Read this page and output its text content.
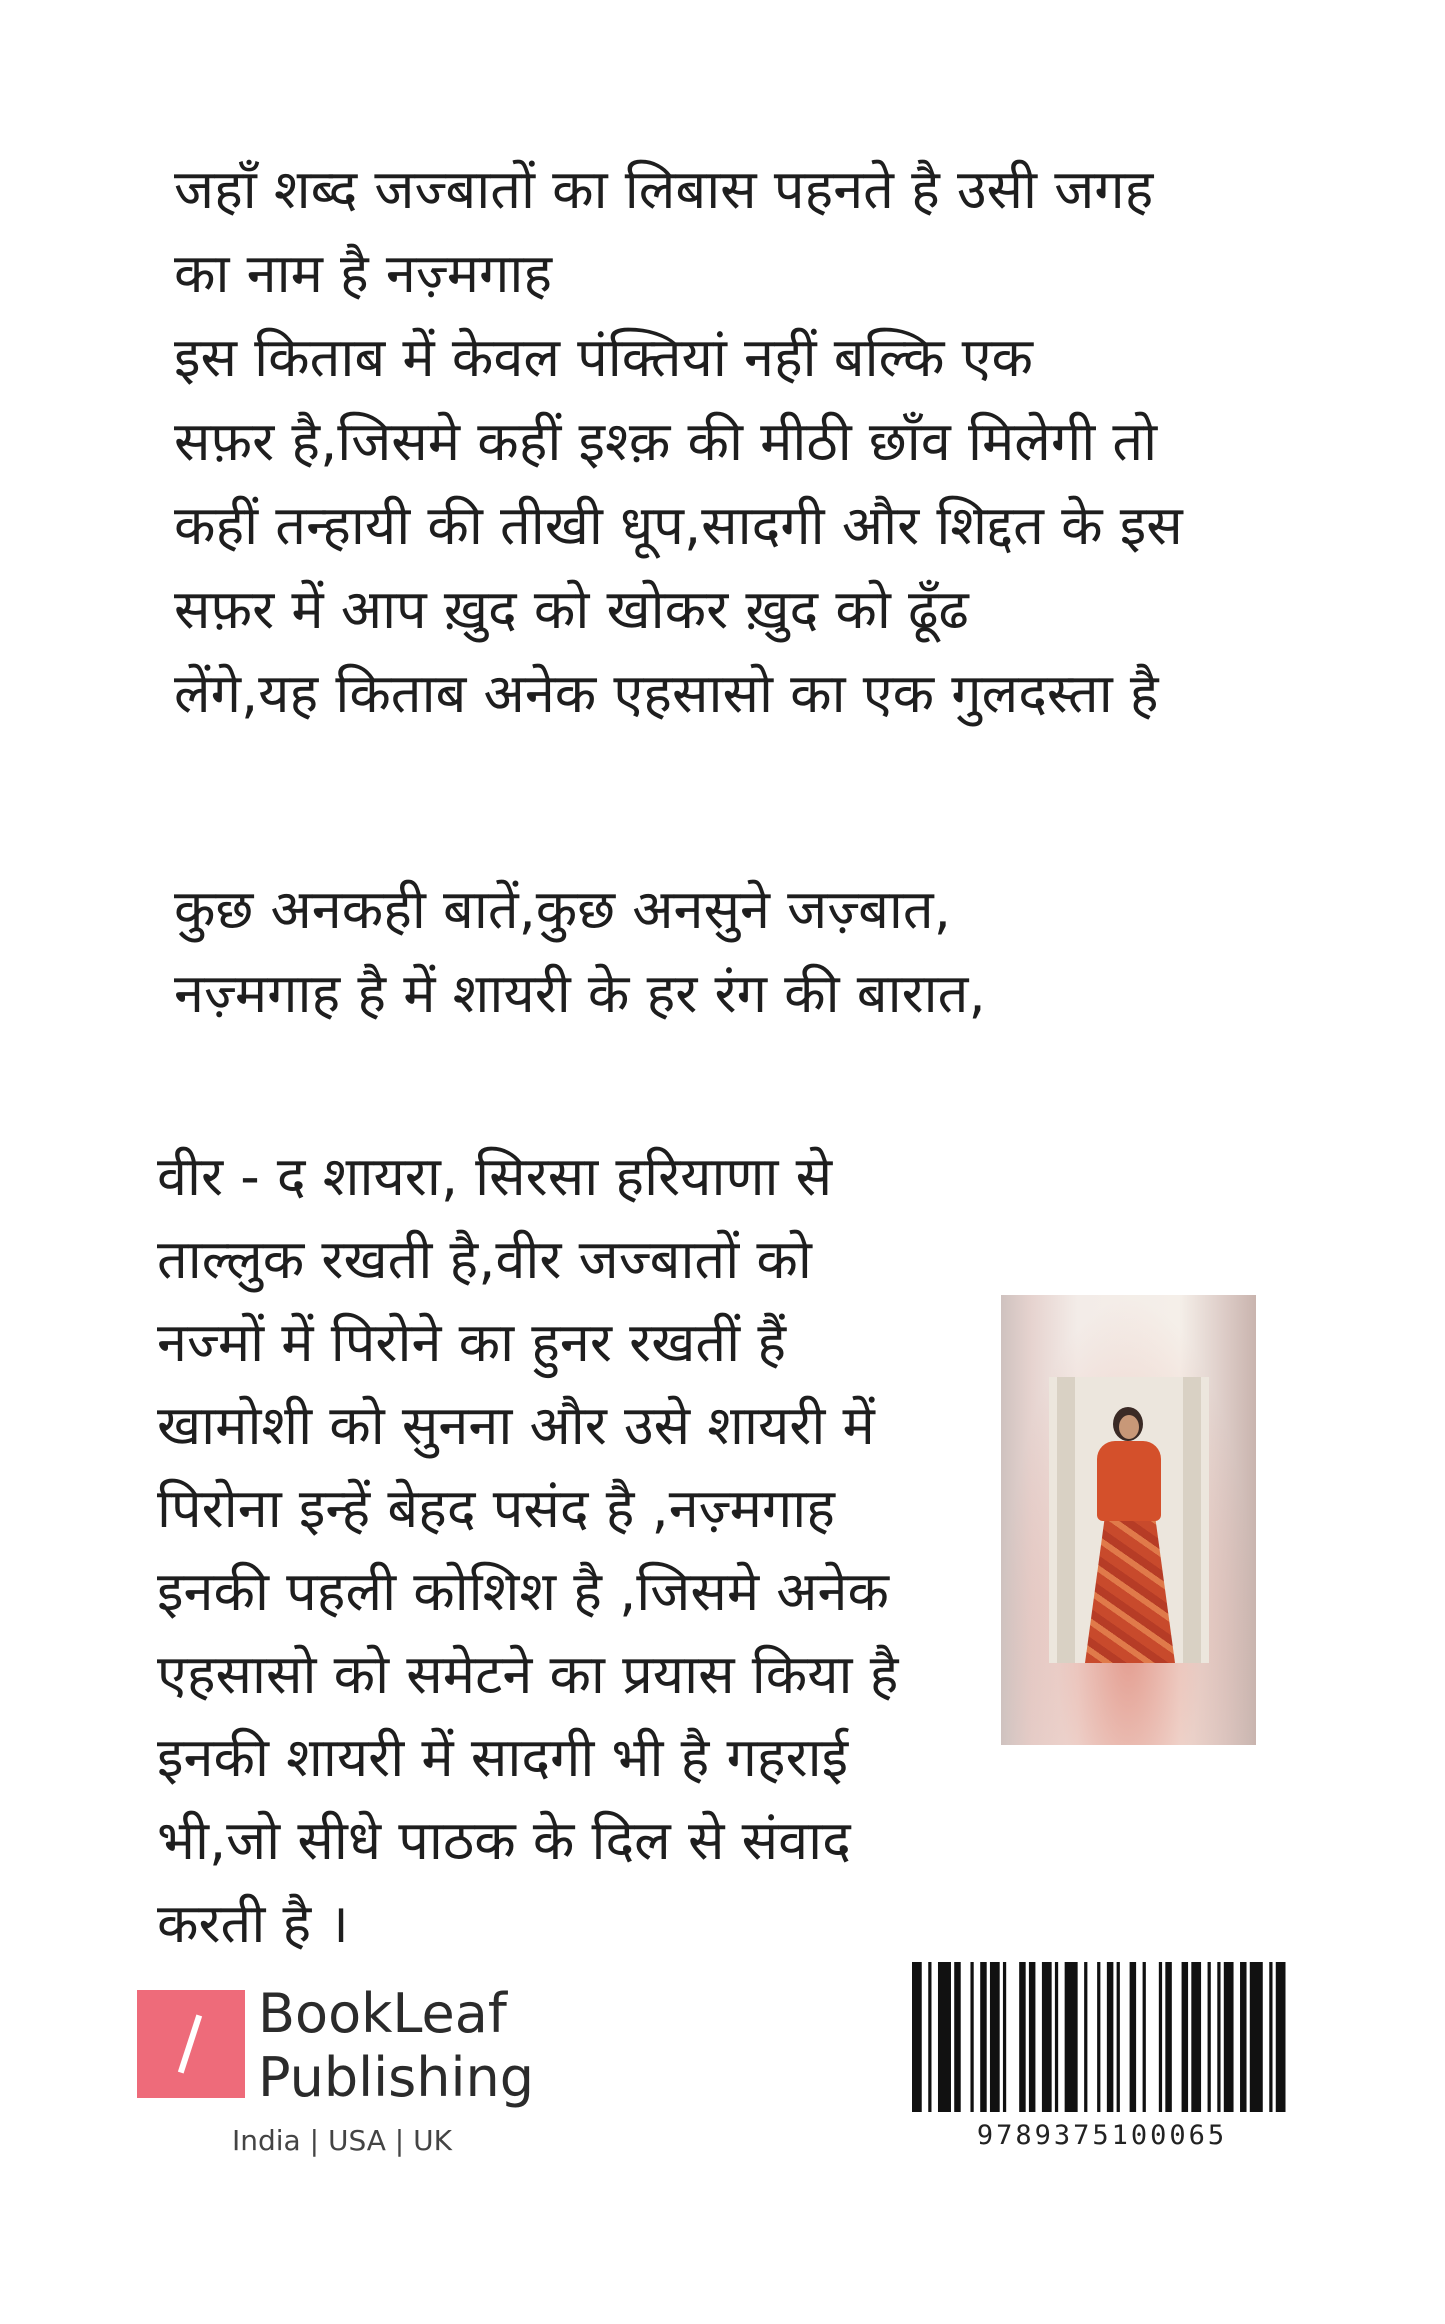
जहाँ शब्द जज्बातों का लिबास पहनते है उसी जगह
का नाम है नज़्मगाह
इस किताब में केवल पंक्तियां नहीं बल्कि एक
सफ़र है,जिसमे कहीं इश्क़ की मीठी छाँव मिलेगी तो
कहीं तन्हायी की तीखी धूप,सादगी और शिद्दत के इस
सफ़र में आप ख़ुद को खोकर ख़ुद को ढूँढ
लेंगे,यह किताब अनेक एहसासो का एक गुलदस्ता है

कुछ अनकही बातें,कुछ अनसुने जज़्बात,
नज़्मगाह है में शायरी के हर रंग की बारात,

वीर - द शायरा, सिरसा हरियाणा से
ताल्लुक रखती है,वीर जज्बातों को
नज्मों में पिरोने का हुनर रखतीं हैं
खामोशी को सुनना और उसे शायरी में
पिरोना इन्हें बेहद पसंद है ,नज़्मगाह
इनकी पहली कोशिश है ,जिसमे अनेक
एहसासो को समेटने का प्रयास किया है
इनकी शायरी में सादगी भी है गहराई
भी,जो सीधे पाठक के दिल से संवाद
करती है ।

BookLeaf
Publishing
India | USA | UK	9789375100065
